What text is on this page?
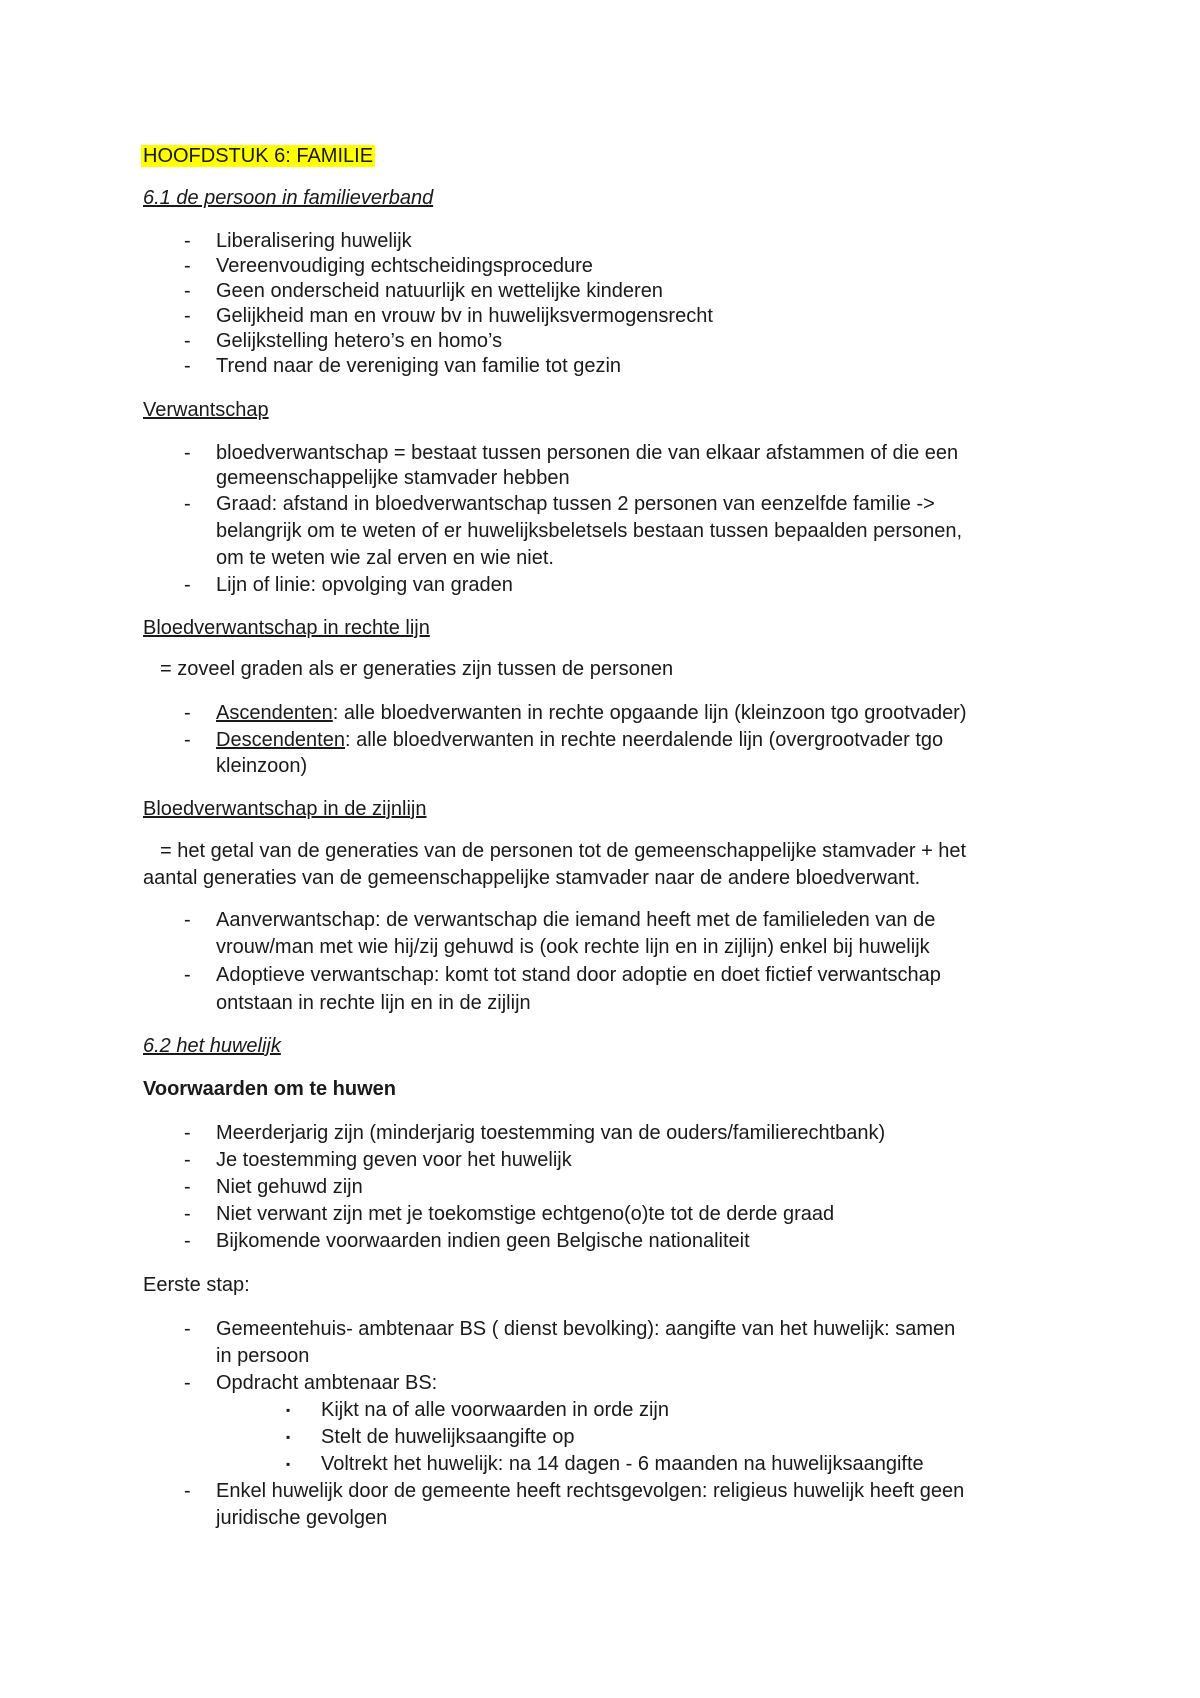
HOOFDSTUK 6: FAMILIE
6.1 de persoon in familieverband
-	Liberalisering huwelijk
-	Vereenvoudiging echtscheidingsprocedure
-	Geen onderscheid natuurlijk en wettelijke kinderen
-	Gelijkheid man en vrouw bv in huwelijksvermogensrecht
-	Gelijkstelling hetero’s en homo’s
-	Trend naar de vereniging van familie tot gezin
Verwantschap
-	bloedverwantschap = bestaat tussen personen die van elkaar afstammen of die een
gemeenschappelijke stamvader hebben
-	Graad: afstand in bloedverwantschap tussen 2 personen van eenzelfde familie ->
belangrijk om te weten of er huwelijksbeletsels bestaan tussen bepaalden personen,
om te weten wie zal erven en wie niet.
-	Lijn of linie: opvolging van graden
Bloedverwantschap in rechte lijn
= zoveel graden als er generaties zijn tussen de personen
-	Ascendenten: alle bloedverwanten in rechte opgaande lijn (kleinzoon tgo grootvader)
-	Descendenten: alle bloedverwanten in rechte neerdalende lijn (overgrootvader tgo
kleinzoon)
Bloedverwantschap in de zijnlijn
= het getal van de generaties van de personen tot de gemeenschappelijke stamvader + het
aantal generaties van de gemeenschappelijke stamvader naar de andere bloedverwant.
-	Aanverwantschap: de verwantschap die iemand heeft met de familieleden van de
vrouw/man met wie hij/zij gehuwd is (ook rechte lijn en in zijlijn) enkel bij huwelijk
-	Adoptieve verwantschap: komt tot stand door adoptie en doet fictief verwantschap
ontstaan in rechte lijn en in de zijlijn
6.2 het huwelijk
Voorwaarden om te huwen
-	Meerderjarig zijn (minderjarig toestemming van de ouders/familierechtbank)
-	Je toestemming geven voor het huwelijk
-	Niet gehuwd zijn
-	Niet verwant zijn met je toekomstige echtgeno(o)te tot de derde graad
-	Bijkomende voorwaarden indien geen Belgische nationaliteit
Eerste stap:
-	Gemeentehuis- ambtenaar BS ( dienst bevolking): aangifte van het huwelijk: samen
in persoon
-	Opdracht ambtenaar BS:
▪ Kijkt na of alle voorwaarden in orde zijn
▪ Stelt de huwelijksaangifte op
▪ Voltrekt het huwelijk: na 14 dagen - 6 maanden na huwelijksaangifte
-	Enkel huwelijk door de gemeente heeft rechtsgevolgen: religieus huwelijk heeft geen
juridische gevolgen
